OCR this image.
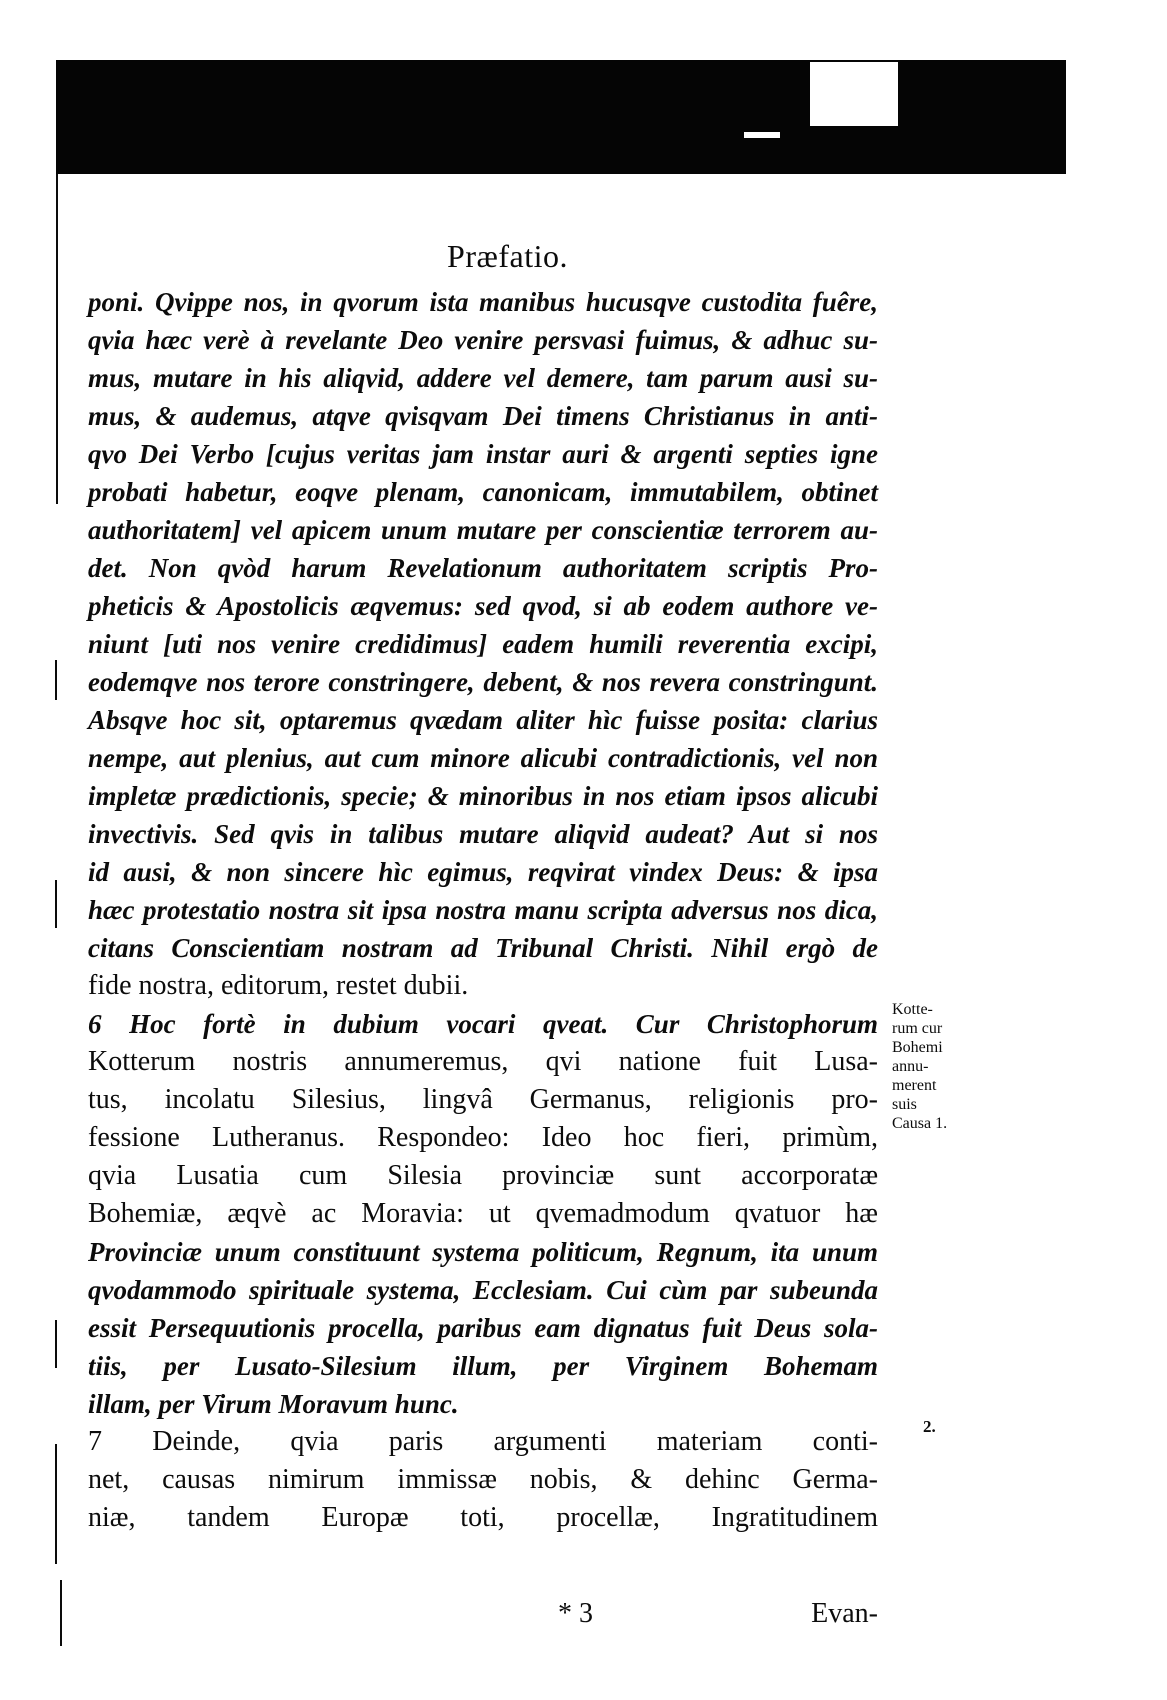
Præfatio.
poni. Qvippe nos, in qvorum ista manibus hucusqve custodita fuêre,
qvia hæc verè à revelante Deo venire persvasi fuimus, & adhuc su-
mus, mutare in his aliqvid, addere vel demere, tam parum ausi su-
mus, & audemus, atqve qvisqvam Dei timens Christianus in anti-
qvo Dei Verbo [cujus veritas jam instar auri & argenti septies igne
probati habetur, eoqve plenam, canonicam, immutabilem, obtinet
authoritatem] vel apicem unum mutare per conscientiæ terrorem au-
det. Non qvòd harum Revelationum authoritatem scriptis Pro-
pheticis & Apostolicis æqvemus: sed qvod, si ab eodem authore ve-
niunt [uti nos venire credidimus] eadem humili reverentia excipi,
eodemqve nos terore constringere, debent, & nos revera constringunt.
Absqve hoc sit, optaremus qvædam aliter hìc fuisse posita: clarius
nempe, aut plenius, aut cum minore alicubi contradictionis, vel non
impletæ prædictionis, specie; & minoribus in nos etiam ipsos alicubi
invectivis. Sed qvis in talibus mutare aliqvid audeat? Aut si nos
id ausi, & non sincere hìc egimus, reqvirat vindex Deus: & ipsa
hæc protestatio nostra sit ipsa nostra manu scripta adversus nos dica,
citans Conscientiam nostram ad Tribunal Christi. Nihil ergò de
fide nostra, editorum, restet dubii.
6 Hoc fortè in dubium vocari qveat. Cur Christophorum
Kotterum nostris annumeremus, qvi natione fuit Lusa-
tus, incolatu Silesius, lingvâ Germanus, religionis pro-
fessione Lutheranus. Respondeo: Ideo hoc fieri, primùm,
qvia Lusatia cum Silesia provinciæ sunt accorporatæ
Bohemiæ, æqvè ac Moravia: ut qvemadmodum qvatuor hæ
Provinciæ unum constituunt systema politicum, Regnum, ita unum
qvodammodo spirituale systema, Ecclesiam. Cui cùm par subeunda
essit Persequutionis procella, paribus eam dignatus fuit Deus sola-
tiis, per Lusato-Silesium illum, per Virginem Bohemam
illam, per Virum Moravum hunc.
7 Deinde, qvia paris argumenti materiam conti-
net, causas nimirum immissæ nobis, & dehinc Germa-
niæ, tandem Europæ toti, procellæ, Ingratitudinem
Kotte-
rum cur
Bohemi
annu-
merent
suis
Causa 1.
2.
* 3	Evan-
